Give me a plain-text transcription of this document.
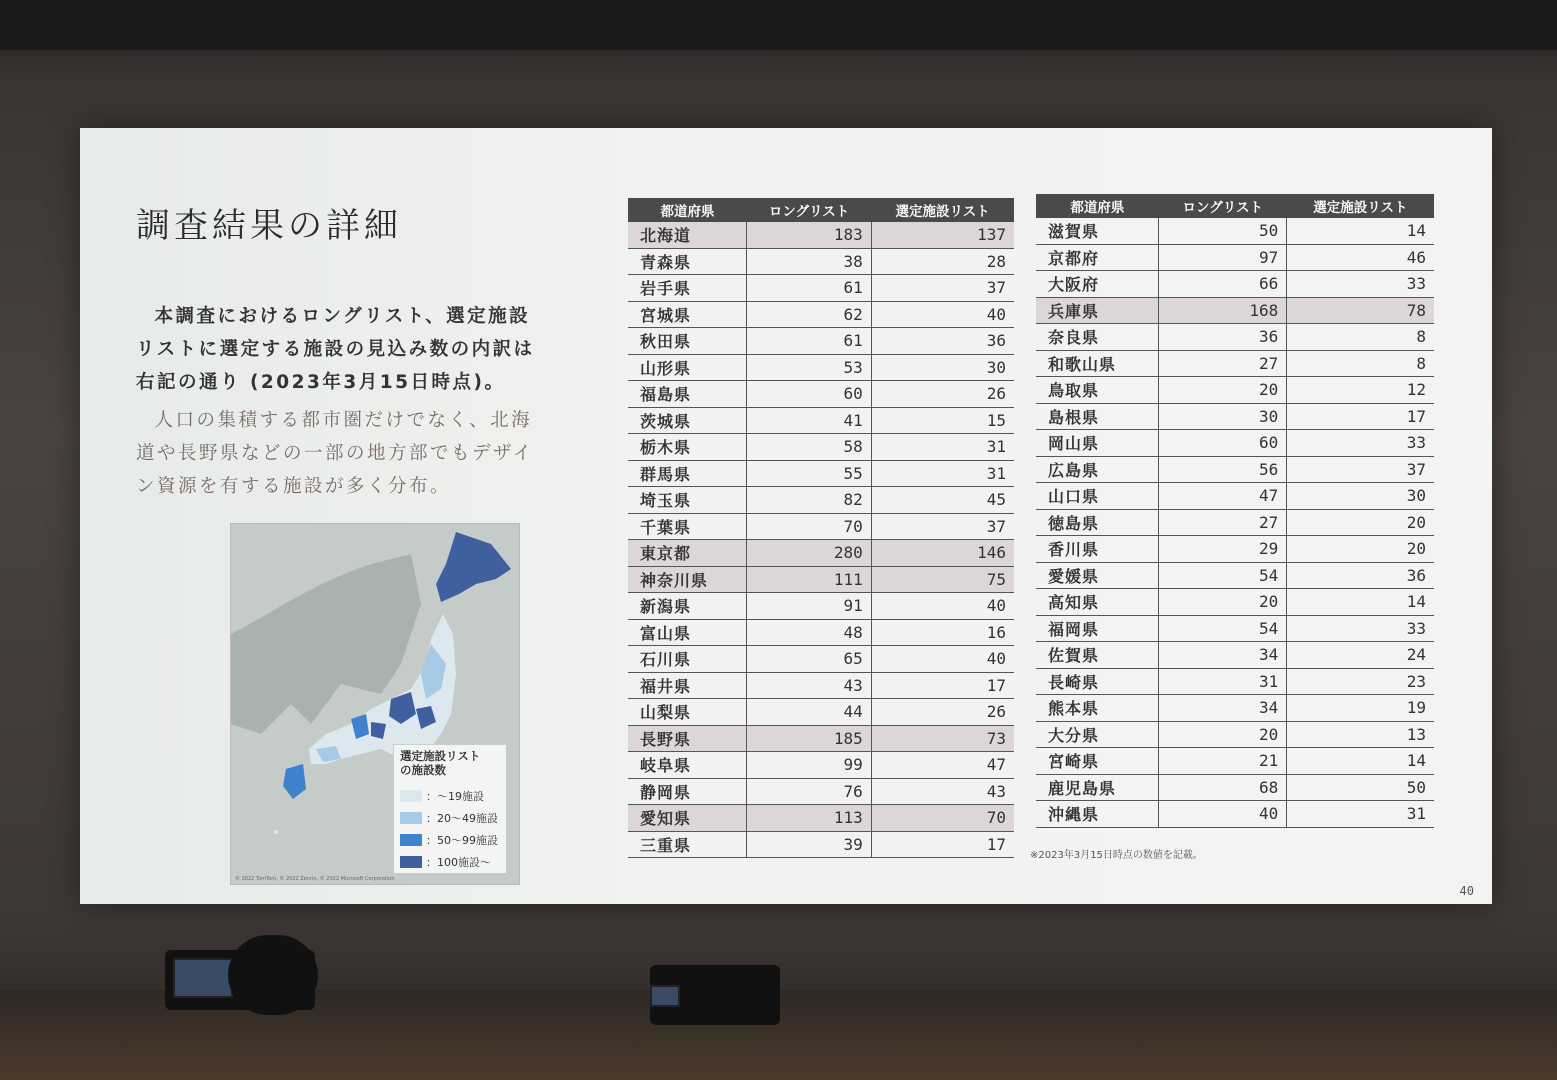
調査結果の詳細
本調査におけるロングリスト、選定施設リストに選定する施設の見込み数の内訳は右記の通り (2023年3月15日時点)。
人口の集積する都市圏だけでなく、北海道や長野県などの一部の地方部でもデザイン資源を有する施設が多く分布。
選定施設リスト
の施設数
：～19施設
：20～49施設
：50～99施設
：100施設～
© 2022 TomTom, © 2022 Zenrin, © 2022 Microsoft Corporation
都道府県	ロングリスト	選定施設リスト
北海道	183	137
青森県	38	28
岩手県	61	37
宮城県	62	40
秋田県	61	36
山形県	53	30
福島県	60	26
茨城県	41	15
栃木県	58	31
群馬県	55	31
埼玉県	82	45
千葉県	70	37
東京都	280	146
神奈川県	111	75
新潟県	91	40
富山県	48	16
石川県	65	40
福井県	43	17
山梨県	44	26
長野県	185	73
岐阜県	99	47
静岡県	76	43
愛知県	113	70
三重県	39	17
都道府県	ロングリスト	選定施設リスト
滋賀県	50	14
京都府	97	46
大阪府	66	33
兵庫県	168	78
奈良県	36	8
和歌山県	27	8
鳥取県	20	12
島根県	30	17
岡山県	60	33
広島県	56	37
山口県	47	30
徳島県	27	20
香川県	29	20
愛媛県	54	36
高知県	20	14
福岡県	54	33
佐賀県	34	24
長崎県	31	23
熊本県	34	19
大分県	20	13
宮崎県	21	14
鹿児島県	68	50
沖縄県	40	31
※2023年3月15日時点の数値を記載。
40
